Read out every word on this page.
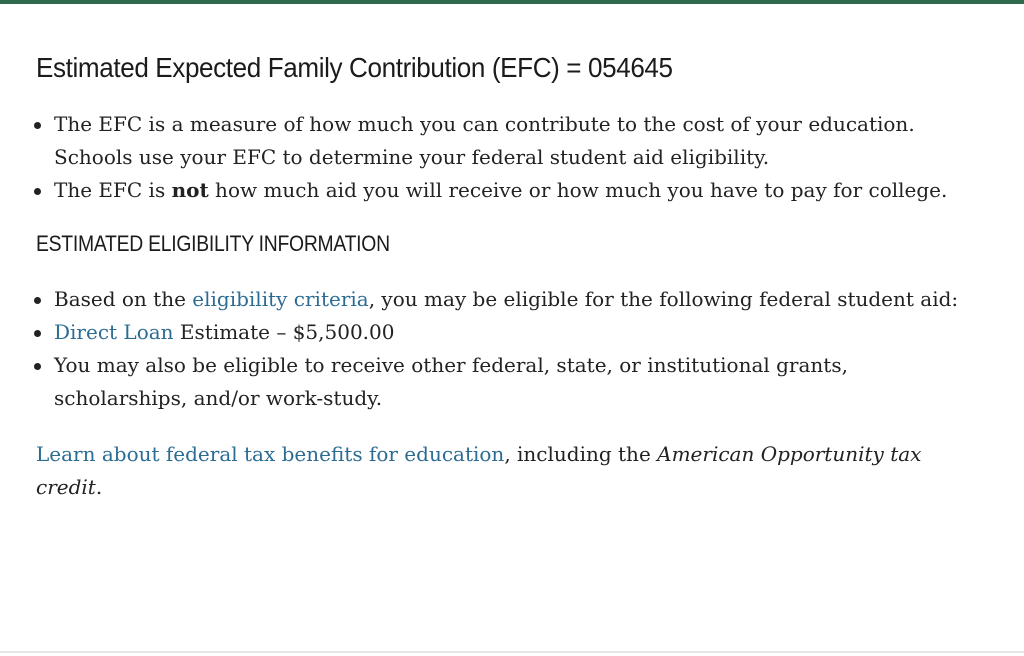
Estimated Expected Family Contribution (EFC) = 054645
The EFC is a measure of how much you can contribute to the cost of your education. Schools use your EFC to determine your federal student aid eligibility.
The EFC is not how much aid you will receive or how much you have to pay for college.
ESTIMATED ELIGIBILITY INFORMATION
Based on the eligibility criteria, you may be eligible for the following federal student aid:
Direct Loan Estimate – $5,500.00
You may also be eligible to receive other federal, state, or institutional grants, scholarships, and/or work-study.

Learn about federal tax benefits for education, including the American Opportunity tax credit.
